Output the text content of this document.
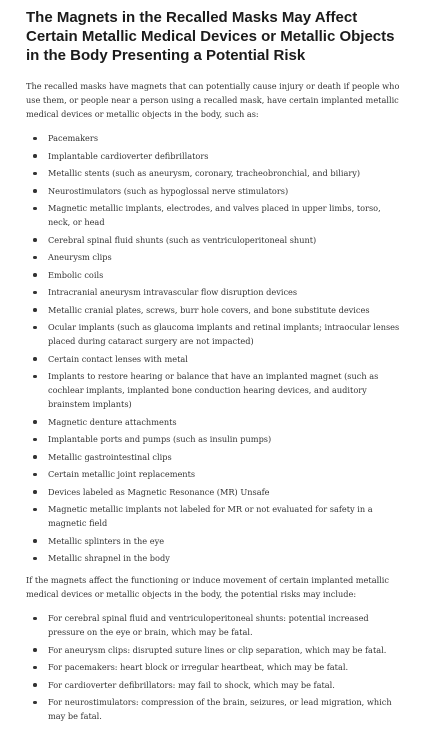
The Magnets in the Recalled Masks May Affect Certain Metallic Medical Devices or Metallic Objects in the Body Presenting a Potential Risk

The recalled masks have magnets that can potentially cause injury or death if people who use them, or people near a person using a recalled mask, have certain implanted metallic medical devices or metallic objects in the body, such as:

Pacemakers
Implantable cardioverter defibrillators
Metallic stents (such as aneurysm, coronary, tracheobronchial, and biliary)
Neurostimulators (such as hypoglossal nerve stimulators)
Magnetic metallic implants, electrodes, and valves placed in upper limbs, torso, neck, or head
Cerebral spinal fluid shunts (such as ventriculoperitoneal shunt)
Aneurysm clips
Embolic coils
Intracranial aneurysm intravascular flow disruption devices
Metallic cranial plates, screws, burr hole covers, and bone substitute devices
Ocular implants (such as glaucoma implants and retinal implants; intraocular lenses placed during cataract surgery are not impacted)
Certain contact lenses with metal
Implants to restore hearing or balance that have an implanted magnet (such as cochlear implants, implanted bone conduction hearing devices, and auditory brainstem implants)
Magnetic denture attachments
Implantable ports and pumps (such as insulin pumps)
Metallic gastrointestinal clips
Certain metallic joint replacements
Devices labeled as Magnetic Resonance (MR) Unsafe
Magnetic metallic implants not labeled for MR or not evaluated for safety in a magnetic field
Metallic splinters in the eye
Metallic shrapnel in the body

If the magnets affect the functioning or induce movement of certain implanted metallic medical devices or metallic objects in the body, the potential risks may include:

For cerebral spinal fluid and ventriculoperitoneal shunts: potential increased pressure on the eye or brain, which may be fatal.
For aneurysm clips: disrupted suture lines or clip separation, which may be fatal.
For pacemakers: heart block or irregular heartbeat, which may be fatal.
For cardioverter defibrillators: may fail to shock, which may be fatal.
For neurostimulators: compression of the brain, seizures, or lead migration, which may be fatal.
